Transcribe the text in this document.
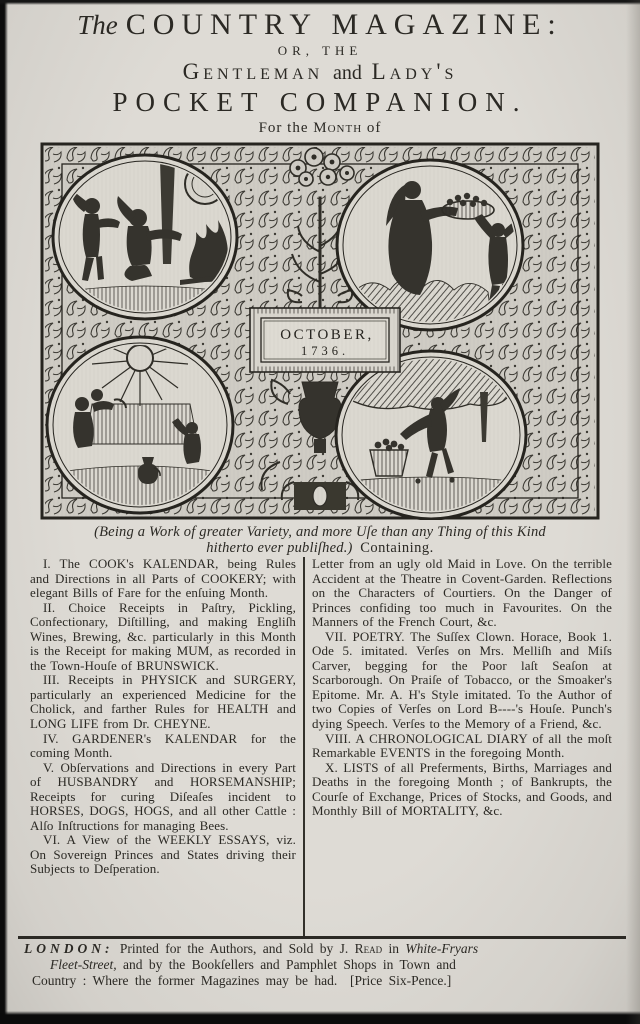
The COUNTRY MAGAZINE:
OR, THE
Gentleman and Lady's
POCKET COMPANION.
For the Month of
OCTOBER,
1736.
(Being a Work of greater Variety, and more Uſe than any Thing of this Kind
hitherto ever publiſhed.) Containing.

I. The COOK's KALENDAR, being Rules and Directions in all Parts of COOKERY; with elegant Bills of Fare for the enſuing Month.

II. Choice Receipts in Paſtry, Pickling, Confectionary, Diſtilling, and making Engliſh Wines, Brewing, &c. particularly in this Month is the Receipt for making MUM, as recorded in the Town-Houſe of BRUNSWICK.

III. Receipts in PHYSICK and SURGERY, particularly an experienced Medicine for the Cholick, and farther Rules for HEALTH and LONG LIFE from Dr. CHEYNE.

IV. GARDENER's KALENDAR for the coming Month.

V. Obſervations and Directions in every Part of HUSBANDRY and HORSEMANSHIP; Receipts for curing Diſeaſes incident to HORSES, DOGS, HOGS, and all other Cattle : Alſo Inſtructions for managing Bees.

VI. A View of the WEEKLY ESSAYS, viz. On Sovereign Princes and States driving their Subjects to Deſperation.

Letter from an ugly old Maid in Love. On the terrible Accident at the Theatre in Covent-Garden. Reflections on the Characters of Courtiers. On the Danger of Princes confiding too much in Favourites. On the Manners of the French Court, &c.

VII. POETRY. The Suſſex Clown. Horace, Book 1. Ode 5. imitated. Verſes on Mrs. Melliſh and Miſs Carver, begging for the Poor laſt Seaſon at Scarborough. On Praiſe of Tobacco, or the Smoaker's Epitome. Mr. A. H's Style imitated. To the Author of two Copies of Verſes on Lord B----'s Houſe. Punch's dying Speech. Verſes to the Memory of a Friend, &c.

VIII. A CHRONOLOGICAL DIARY of all the moſt Remarkable EVENTS in the foregoing Month.

X. LISTS of all Preferments, Births, Marriages and Deaths in the foregoing Month ; of Bankrupts, the Courſe of Exchange, Prices of Stocks, and Goods, and Monthly Bill of MORTALITY, &c.

LONDON: Printed for the Authors, and Sold by J. Read in White-Fryars
Fleet-Street, and by the Bookſellers and Pamphlet Shops in Town and
Country : Where the former Magazines may be had. [Price Six-Pence.]
